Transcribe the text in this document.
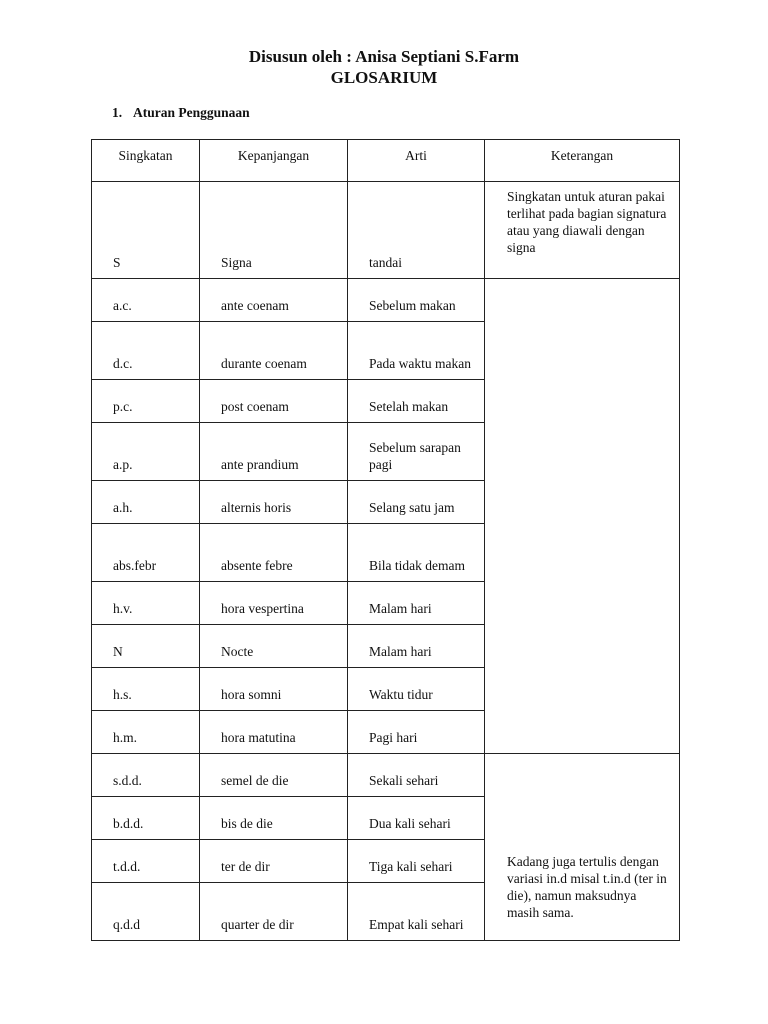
Disusun oleh : Anisa Septiani S.Farm
GLOSARIUM
1. Aturan Penggunaan
Singkatan	Kepanjangan	Arti	Keterangan
S	Signa	tandai	Singkatan untuk aturan pakai terlihat pada bagian signatura atau yang diawali dengan signa
a.c.	ante coenam	Sebelum makan	
d.c.	durante coenam	Pada waktu makan	
p.c.	post coenam	Setelah makan	
a.p.	ante prandium	Sebelum sarapan pagi	
a.h.	alternis horis	Selang satu jam	
abs.febr	absente febre	Bila tidak demam	
h.v.	hora vespertina	Malam hari	
N	Nocte	Malam hari	
h.s.	hora somni	Waktu tidur	
h.m.	hora matutina	Pagi hari	
s.d.d.	semel de die	Sekali sehari	Kadang juga tertulis dengan variasi in.d misal t.in.d (ter in die), namun maksudnya masih sama.
b.d.d.	bis de die	Dua kali sehari	
t.d.d.	ter de dir	Tiga kali sehari	
q.d.d	quarter de dir	Empat kali sehari	
